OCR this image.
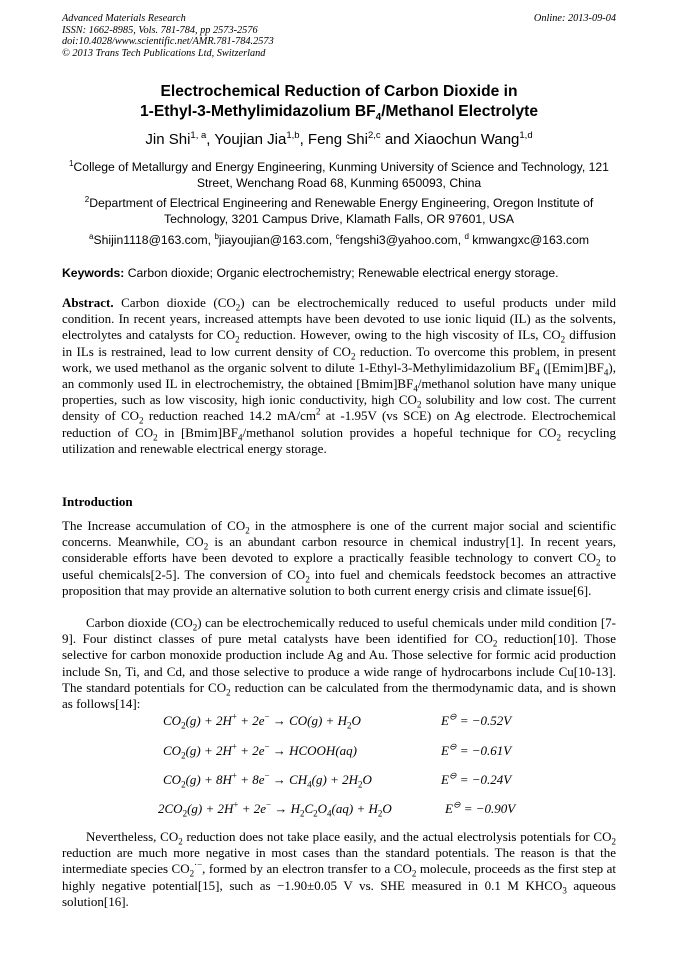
Advanced Materials Research
ISSN: 1662-8985, Vols. 781-784, pp 2573-2576
doi:10.4028/www.scientific.net/AMR.781-784.2573
© 2013 Trans Tech Publications Ltd, Switzerland
Online: 2013-09-04
Electrochemical Reduction of Carbon Dioxide in
1-Ethyl-3-Methylimidazolium $BF_4$/Methanol Electrolyte
Jin Shi$^{1, a}$, Youjian Jia$^{1,b}$, Feng Shi$^{2,c}$ and Xiaochun Wang$^{1,d}$
$^1$College of Metallurgy and Energy Engineering, Kunming University of Science and Technology, 121 Street, Wenchang Road 68, Kunming 650093, China
$^2$Department of Electrical Engineering and Renewable Energy Engineering, Oregon Institute of Technology, 3201 Campus Drive, Klamath Falls, OR 97601, USA
$^a$Shijin1118@163.com, $^b$jiayoujian@163.com, $^c$fengshi3@yahoo.com, $^d$ kmwangxc@163.com
Keywords: Carbon dioxide; Organic electrochemistry; Renewable electrical energy storage.
Abstract. Carbon dioxide $(CO_2)$ can be electrochemically reduced to useful products under mild condition. In recent years, increased attempts have been devoted to use ionic liquid (IL) as the solvents, electrolytes and catalysts for $CO_2$ reduction. However, owing to the high viscosity of ILs, $CO_2$ diffusion in ILs is restrained, lead to low current density of $CO_2$ reduction. To overcome this problem, in present work, we used methanol as the organic solvent to dilute 1-Ethyl-3-Methylimidazolium $BF_4$ $([Emim]BF_4)$, an commonly used IL in electrochemistry, the obtained $[Bmim]BF_4$/methanol solution have many unique properties, such as low viscosity, high ionic conductivity, high $CO_2$ solubility and low cost. The current density of $CO_2$ reduction reached 14.2 $mA/cm^2$ at -1.95V (vs SCE) on Ag electrode. Electrochemical reduction of $CO_2$ in $[Bmim]BF_4$/methanol solution provides a hopeful technique for $CO_2$ recycling utilization and renewable electrical energy storage.
Introduction
The Increase accumulation of $CO_2$ in the atmosphere is one of the current major social and scientific concerns. Meanwhile, $CO_2$ is an abundant carbon resource in chemical industry[1]. In recent years, considerable efforts have been devoted to explore a practically feasible technology to convert $CO_2$ to useful chemicals[2-5]. The conversion of $CO_2$ into fuel and chemicals feedstock becomes an attractive proposition that may provide an alternative solution to both current energy crisis and climate issue[6].
Carbon dioxide $(CO_2)$ can be electrochemically reduced to useful chemicals under mild condition [7-9]. Four distinct classes of pure metal catalysts have been identified for $CO_2$ reduction[10]. Those selective for carbon monoxide production include Ag and Au. Those selective for formic acid production include Sn, Ti, and Cd, and those selective to produce a wide range of hydrocarbons include Cu[10-13]. The standard potentials for $CO_2$ reduction can be calculated from the thermodynamic data, and is shown as follows[14]:
$CO_2(g) + 2H^+ + 2e^- \to CO(g) + H_2O$	E⊖ = −0.52V
$CO_2(g) + 2H^+ + 2e^-$ → HCOOH(aq)	E⊖ = −0.61V
$CO_2(g) + 8H^+ + 8e^- \to CH_4(g) + 2H_2O$	E⊖ = −0.24V
$2CO_2(g) + 2H^+ + 2e^- \to H_2C_2O_4(aq) + H_2O$	E⊖ = −0.90V
Nevertheless, $CO_2$ reduction does not take place easily, and the actual electrolysis potentials for $CO_2$ reduction are much more negative in most cases than the standard potentials. The reason is that the intermediate species $CO_2^{\cdot-}$, formed by an electron transfer to a $CO_2$ molecule, proceeds as the first step at highly negative potential[15], such as −1.90±0.05 V vs. SHE measured in 0.1 M $KHCO_3$ aqueous solution[16].
